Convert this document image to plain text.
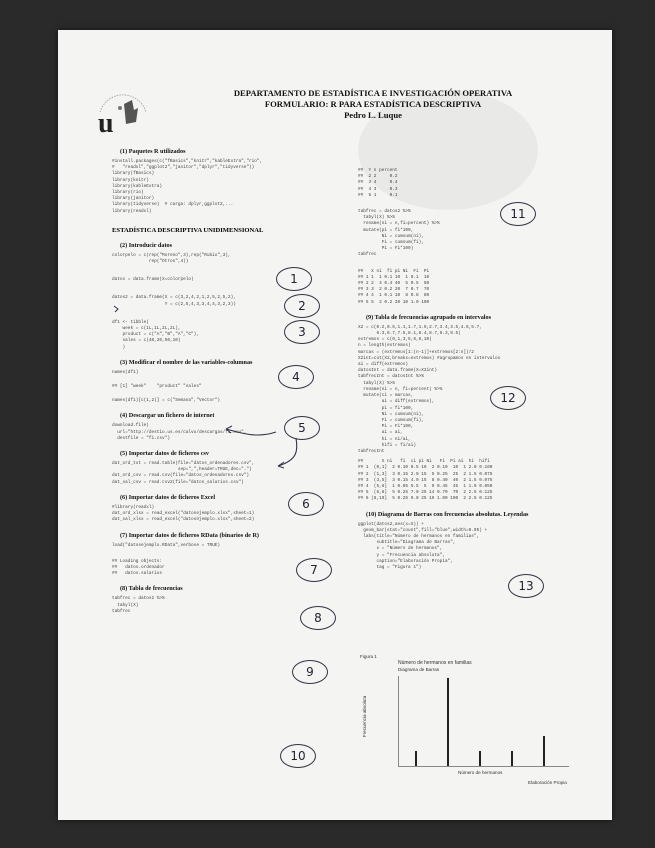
u
DEPARTAMENTO DE ESTADÍSTICA E INVESTIGACIÓN OPERATIVA
FORMULARIO: R PARA ESTADÍSTICA DESCRIPTIVA
Pedro L. Luque
(1) Paquetes R utilizados
#install.packages(c("fBasics","knitr","kableExtra","rio",
#   "readxl","ggplot2","janitor","dplyr","tidyverse"))
library(fBasics)
library(knitr)
library(kableExtra)
library(rio)
library(janitor)
library(tidyverse)  # carga: dplyr,ggplot2,...
library(readxl)
ESTADÍSTICA DESCRIPTIVA UNIDIMENSIONAL
(2) Introducir datos
colorpelo = c(rep("Moreno",3),rep("Rubio",3),
rep("Otros",4))
datos = data.frame(X=colorpelo)
datos2 = data.frame(X = c(3,2,4,2,1,2,5,2,5,2),
Y = c(2,5,4,3,3,4,4,3,2,3))
df1 <- tibble(
week = c(1L,1L,2L,2L),
product = c("A","B","A","C"),
sales = c(40,20,50,10)
)
(3) Modificar el nombre de las variables-columnas
names(df1)
## [1] "week"    "product" "sales"
names(df1)[c(1,2)] = c("Semana","Vector")
(4) Descargar un fichero de internet
download.file(
url="http://destio.us.es/calvo/descargas/fi.csv",
destfile = "fi.csv")
(5) Importar datos de ficheros csv
dat_ord_txt = read.table(file="datos_ordenadores.csv",
sep=",",header=TRUE,dec=".")
dat_ord_csv = read.csv(file="datos_ordenadores.csv")
dat_sal_csv = read.csv2(file="datos_salarios.csv")
(6) Importar datos de ficheros Excel
#library(readxl)
dat_ord_xlsx = read_excel("datosejemplo.xlsx",sheet=1)
dat_sal_xlsx = read_excel("datosejemplo.xlsx",sheet=2)
(7) Importar datos de ficheros RData (binarios de R)
load("datosejemplo.RData",verbose = TRUE)
## Loading objects:
##   datos.ordenador
##   datos.salarios
(8) Tabla de frecuencias
tabfrec = datos2 %>%
tabyl(X)
tabfrec
##  Y n percent
##  2 2     0.2
##  3 4     0.4
##  4 3     0.3
##  5 1     0.1
tabfrec = datos2 %>%
tabyl(X) %>%
rename(ni = n,fi=percent) %>%
mutate(pi = fi*100,
Ni = cumsum(ni),
Fi = cumsum(fi),
Pi = Fi*100)
tabfrec
##   X ni  fi pi Ni  Fi  Pi
## 1 1  1 0.1 10  1 0.1  10
## 2 2  4 0.4 40  5 0.5  50
## 3 3  2 0.2 20  7 0.7  70
## 4 4  1 0.1 10  8 0.8  80
## 5 5  2 0.2 20 10 1.0 100
(9) Tabla de frecuencias agrupado en intervalos
X2 = c(0.2,0.6,1.1,1.7,1.9,2.7,3.4,3.5,4.6,5.7,
6.3,6.7,7.5,8.1,8.4,8.7,9.3,9.5)
extremos = c(0,1,3,5,6,8,10)
n = length(extremos)
marcas = (extremos[1:(n-1)]+extremos[2:n])/2
X2int=cut(X2,breaks=extremos) #agrupamos en intervalos
ai = diff(extremos)
datosInt = data.frame(X=X2int)
tabfrecInt = datosInt %>%
tabyl(X) %>%
rename(ni = n, fi=percent) %>%
mutate(ci = marcas,
ai = diff(extremos),
pi = fi*100,
Ni = cumsum(ni),
Fi = cumsum(fi),
Pi = Fi*100,
ai = ai,
hi = ni/ai,
hifi = fi/ai)
tabfrecInt
##       X ni   fi  ci pi Ni   Fi  Pi ai  hi  hifi
## 1  (0,1]  2 0.10 0.5 10  2 0.10  10  1 2.0 0.100
## 2  (1,3]  3 0.15 2.0 15  5 0.25  25  2 1.5 0.075
## 3  (3,5]  3 0.15 4.0 15  8 0.40  40  2 1.5 0.075
## 4  (5,6]  1 0.05 5.5  5  9 0.45  45  1 1.0 0.050
## 5  (6,8]  5 0.25 7.0 25 14 0.70  70  2 2.5 0.125
## 6 (8,10]  5 0.25 9.0 25 19 1.00 100  2 2.5 0.125
(10) Diagrama de Barras con frecuencias absolutas. Leyendas
ggplot(datos2,aes(x=X)) +
geom_bar(stat="count",fill="blue",width=0.05) +
labs(title="Número de hermanos en familias",
subtitle="Diagrama de Barras",
x = "Número de hermanos",
y = "Frecuencia absoluta",
caption="Elaboración Propia",
tag = "Figura 1")
Figura 1
Número de hermanos en familias
Diagrama de Barras
Frecuencia absoluta
Número de hermanos
Elaboración Propia
1
2
3
4
5
6
7
8
9
10
11
12
13
